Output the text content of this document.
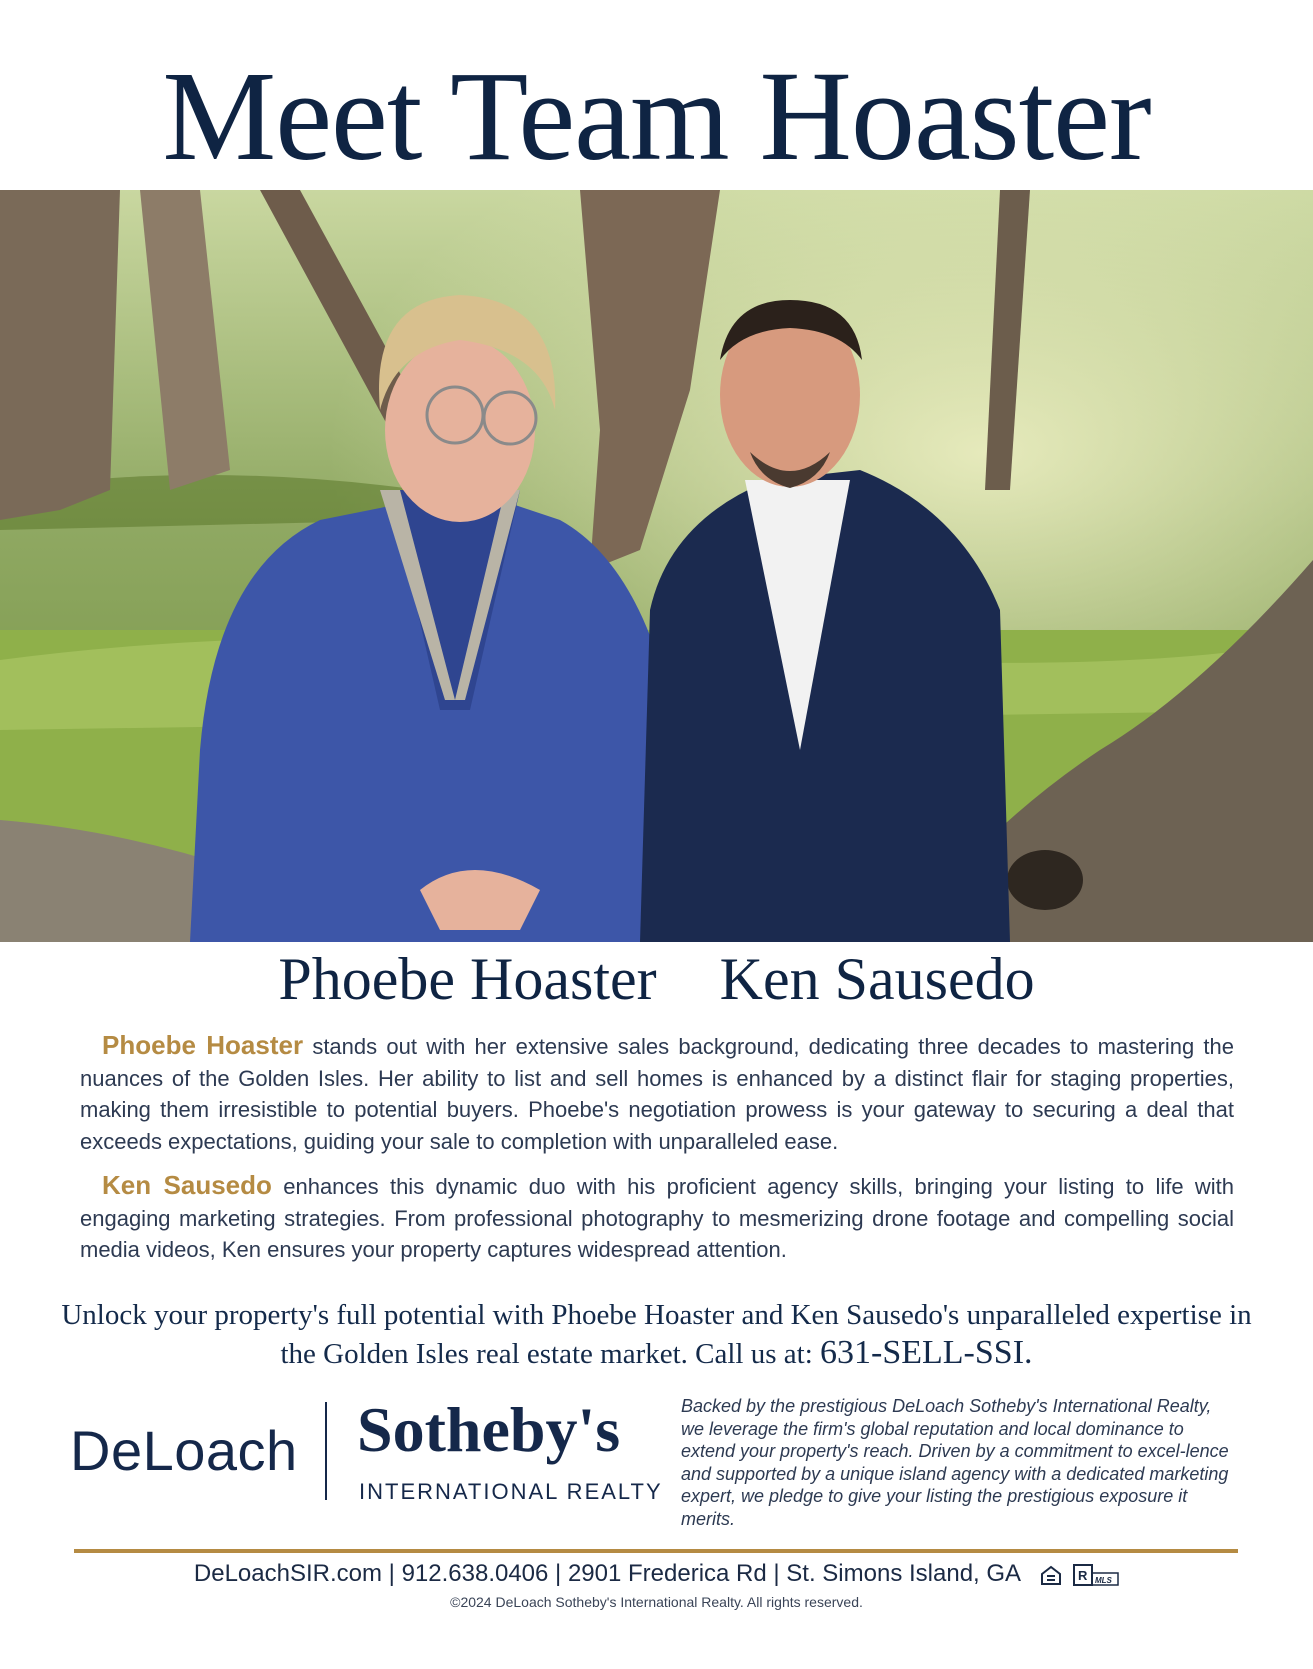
Meet Team Hoaster
Phoebe Hoaster Ken Sausedo

Phoebe Hoaster stands out with her extensive sales background, dedicating three decades to mastering the nuances of the Golden Isles. Her ability to list and sell homes is enhanced by a distinct flair for staging properties, making them irresistible to potential buyers. Phoebe's negotiation prowess is your gateway to securing a deal that exceeds expectations, guiding your sale to completion with unparalleled ease.

Ken Sausedo enhances this dynamic duo with his proficient agency skills, bringing your listing to life with engaging marketing strategies. From professional photography to mesmerizing drone footage and compelling social media videos, Ken ensures your property captures widespread attention.

Unlock your property's full potential with Phoebe Hoaster and Ken Sausedo's unparalleled expertise in the Golden Isles real estate market. Call us at: 631-SELL-SSI.

DeLoach Sotheby's
INTERNATIONAL REALTY

Backed by the prestigious DeLoach Sotheby's International Realty, we leverage the firm's global reputation and local dominance to extend your property's reach. Driven by a commitment to excel-lence and supported by a unique island agency with a dedicated marketing expert, we pledge to give your listing the prestigious exposure it merits.

DeLoachSIR.com | 912.638.0406 | 2901 Frederica Rd | St. Simons Island, GA	R MLS
©2024 DeLoach Sotheby's International Realty. All rights reserved.
